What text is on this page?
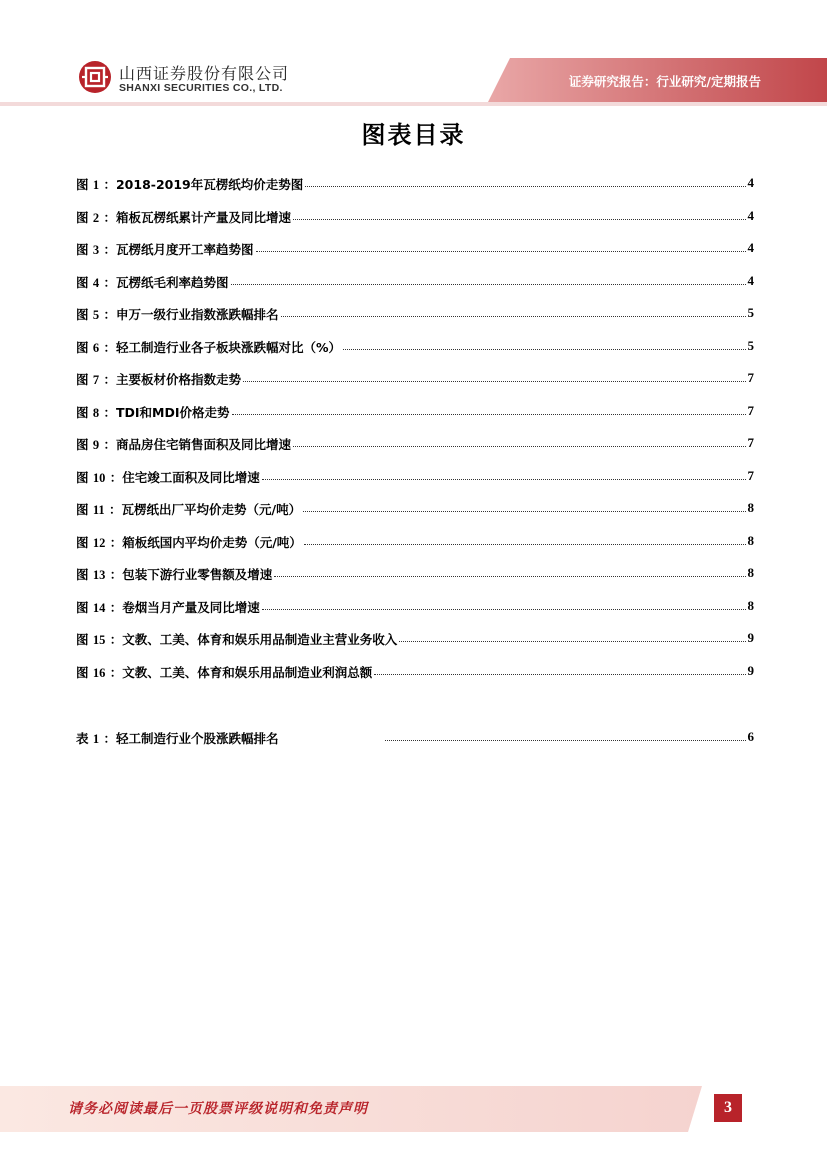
山西证券股份有限公司
SHANXI SECURITIES CO., LTD.	证券研究报告：行业研究/定期报告
图表目录
图 1 ：2018-2019年瓦楞纸均价走势图	4
图 2 ：箱板瓦楞纸累计产量及同比增速	4
图 3 ：瓦楞纸月度开工率趋势图	4
图 4 ：瓦楞纸毛利率趋势图	4
图 5 ：申万一级行业指数涨跌幅排名	5
图 6 ：轻工制造行业各子板块涨跌幅对比（%）	5
图 7 ：主要板材价格指数走势	7
图 8 ：TDI和MDI价格走势	7
图 9 ：商品房住宅销售面积及同比增速	7
图 10 ：住宅竣工面积及同比增速	7
图 11 ：瓦楞纸出厂平均价走势（元/吨）	8
图 12 ：箱板纸国内平均价走势（元/吨）	8
图 13 ：包装下游行业零售额及增速	8
图 14 ：卷烟当月产量及同比增速	8
图 15 ：文教、工美、体育和娱乐用品制造业主营业务收入	9
图 16 ：文教、工美、体育和娱乐用品制造业利润总额	9
表 1 ：轻工制造行业个股涨跌幅排名	6
请务必阅读最后一页股票评级说明和免责声明	3
